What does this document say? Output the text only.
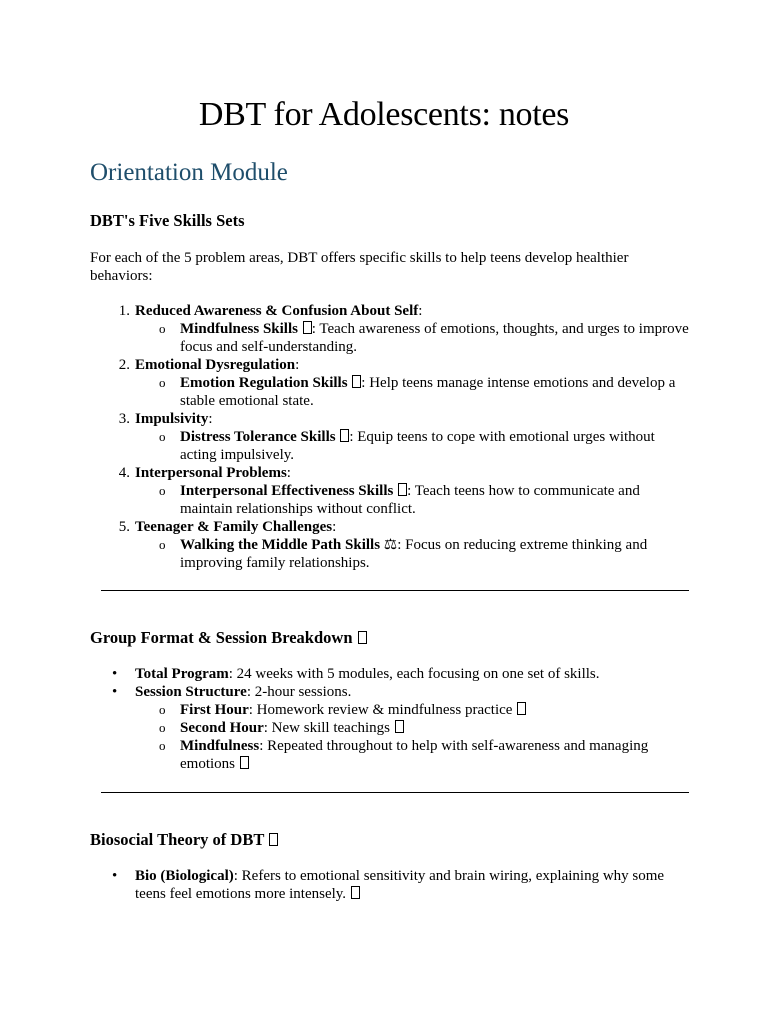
DBT for Adolescents: notes
Orientation Module
DBT's Five Skills Sets

For each of the 5 problem areas, DBT offers specific skills to help teens develop healthier behaviors:

1. Reduced Awareness & Confusion About Self:
o Mindfulness Skills : Teach awareness of emotions, thoughts, and urges to improve focus and self-understanding.
2. Emotional Dysregulation:
o Emotion Regulation Skills : Help teens manage intense emotions and develop a stable emotional state.
3. Impulsivity:
o Distress Tolerance Skills : Equip teens to cope with emotional urges without acting impulsively.
4. Interpersonal Problems:
o Interpersonal Effectiveness Skills : Teach teens how to communicate and maintain relationships without conflict.
5. Teenager & Family Challenges:
o Walking the Middle Path Skills ⚖: Focus on reducing extreme thinking and improving family relationships.
Group Format & Session Breakdown
•	Total Program: 24 weeks with 5 modules, each focusing on one set of skills.
•	Session Structure: 2-hour sessions.
o First Hour: Homework review & mindfulness practice
o Second Hour: New skill teachings
o Mindfulness: Repeated throughout to help with self-awareness and managing emotions
Biosocial Theory of DBT
•	Bio (Biological): Refers to emotional sensitivity and brain wiring, explaining why some teens feel emotions more intensely.
